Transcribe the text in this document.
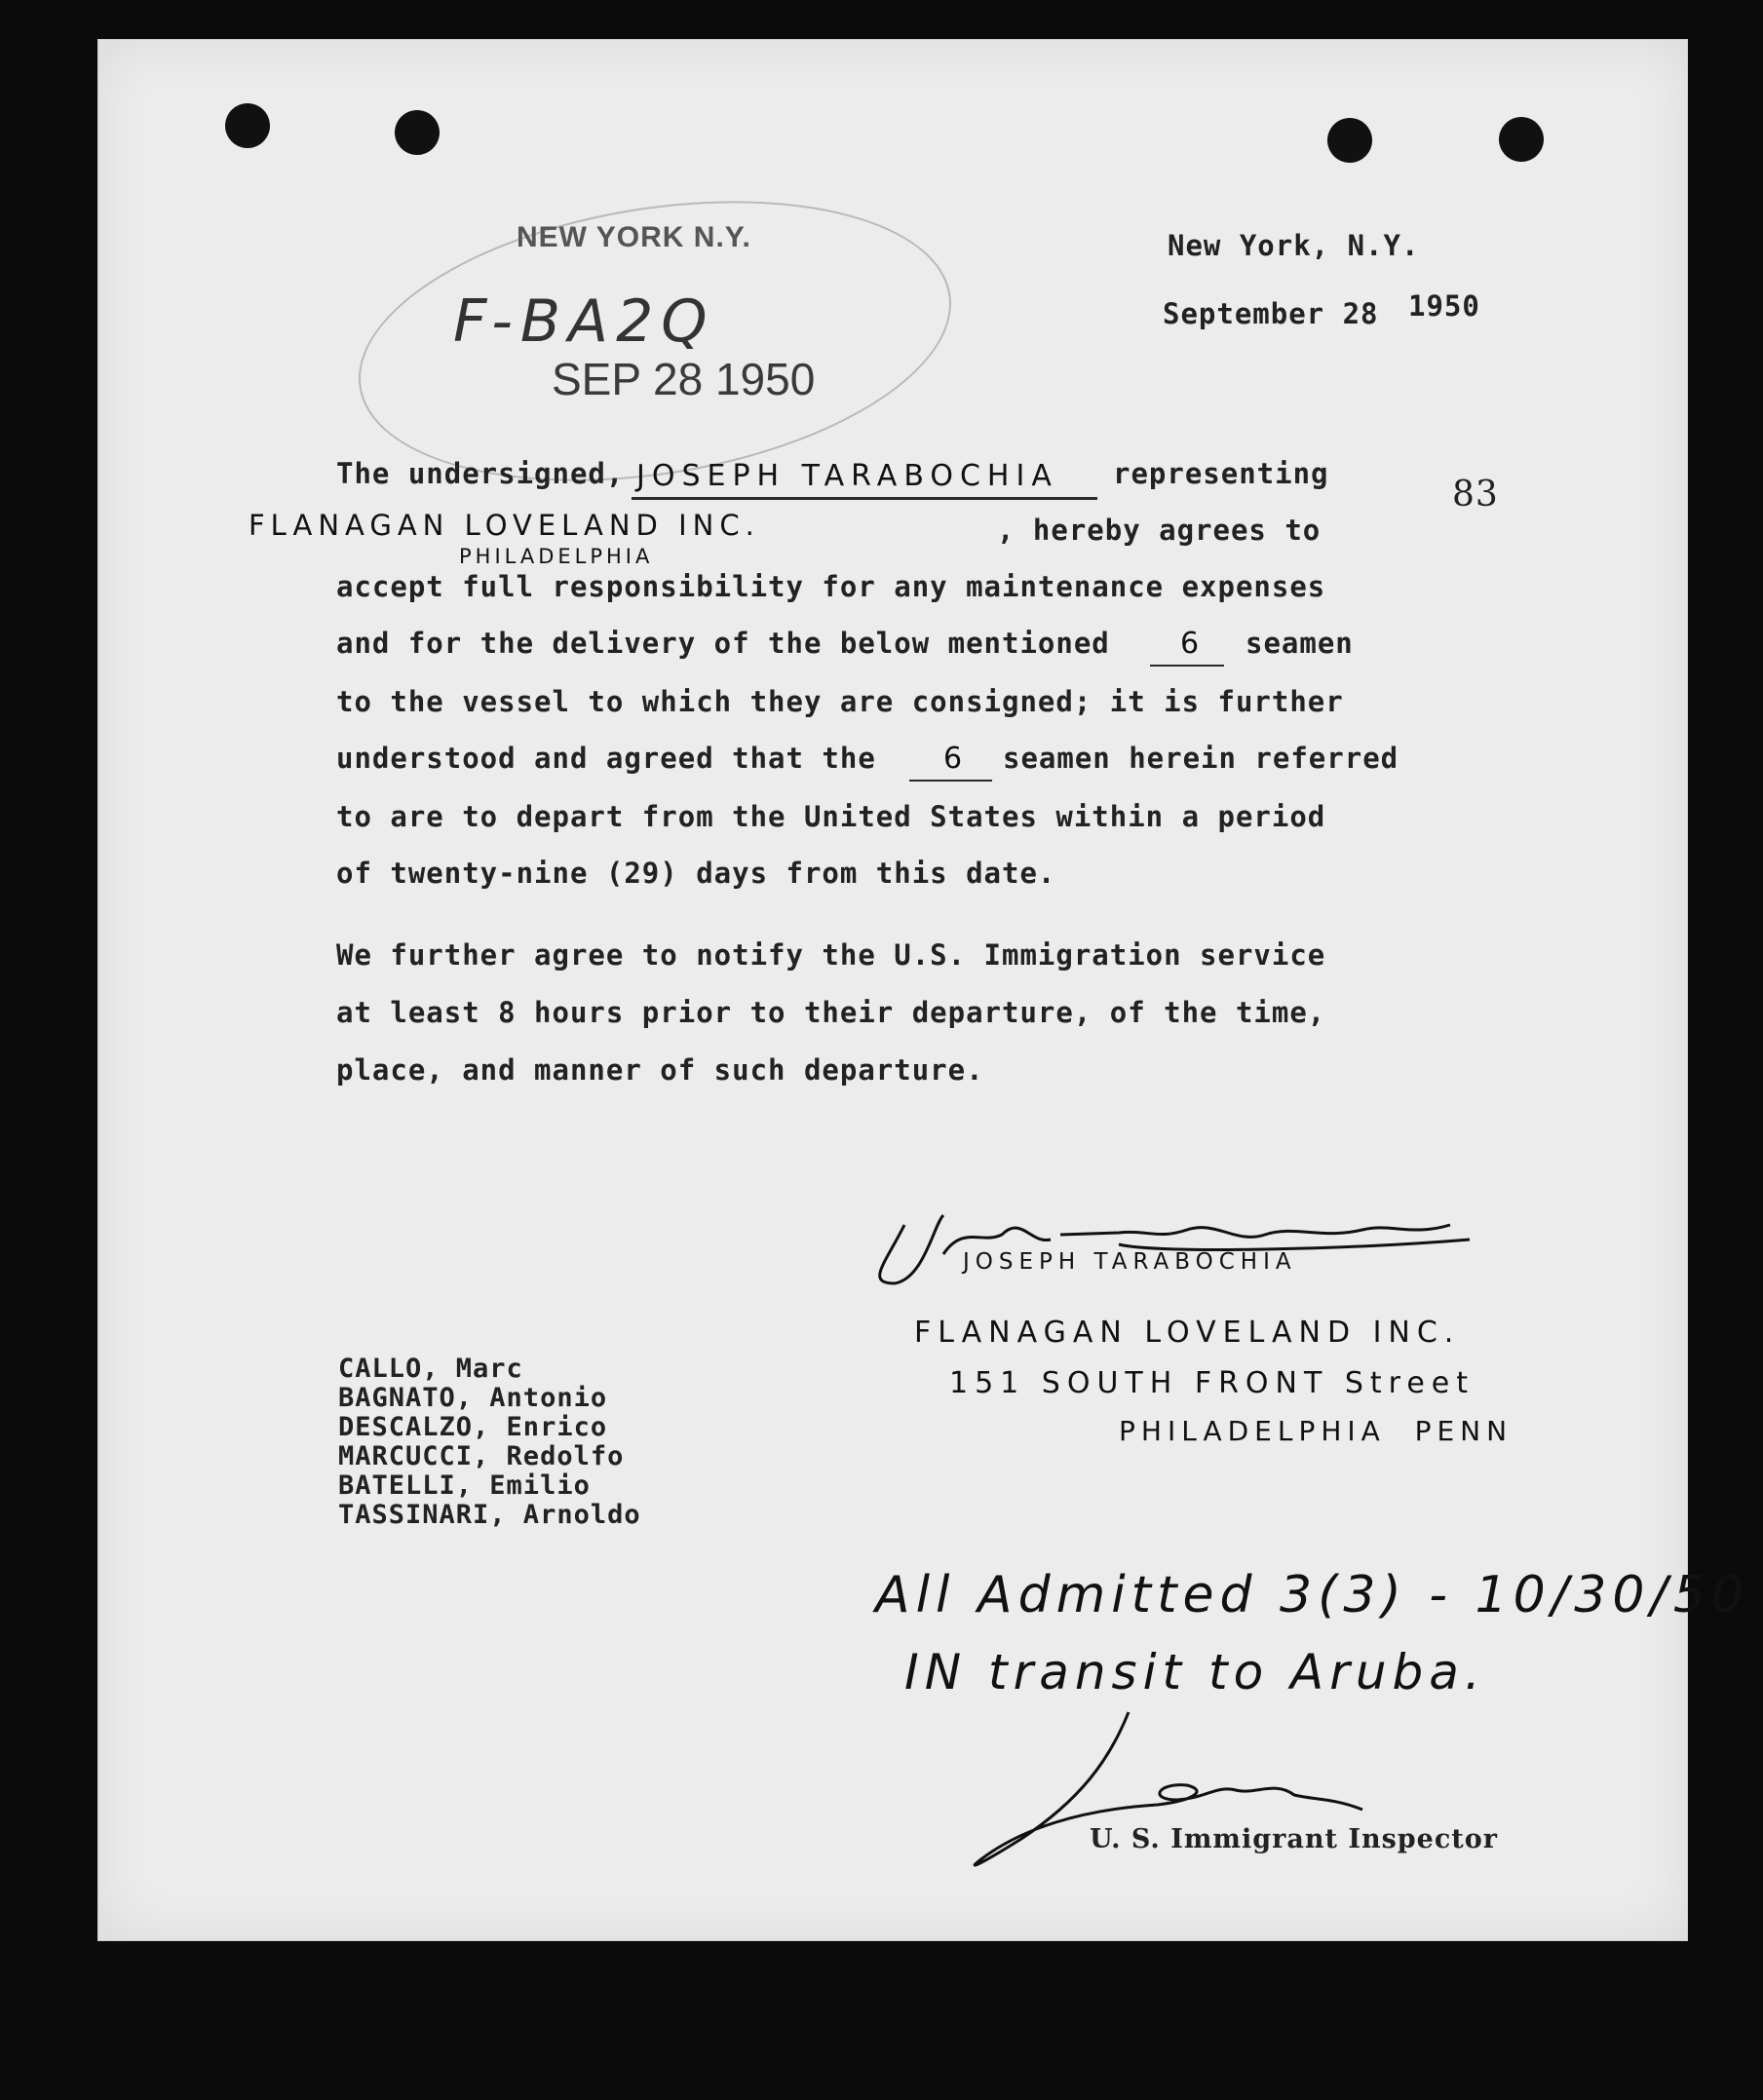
New York, N.Y.
September 28 1950
NEW YORK N.Y.
F-BA2Q
SEP 28 1950
83
The undersigned, JOSEPH TARABOCHIA representing
FLANAGAN LOVELAND INC.
PHILADELPHIA
, hereby agrees to
accept full responsibility for any maintenance expenses
and for the delivery of the below mentioned 6 seamen
to the vessel to which they are consigned; it is further
understood and agreed that the 6 seamen herein referred
to are to depart from the United States within a period
of twenty-nine (29) days from this date.
We further agree to notify the U.S. Immigration service
at least 8 hours prior to their departure, of the time,
place, and manner of such departure.
JOSEPH TARABOCHIA
FLANAGAN LOVELAND INC.
151 SOUTH FRONT Street
PHILADELPHIA  PENN
CALLO, Marc
BAGNATO, Antonio
DESCALZO, Enrico
MARCUCCI, Redolfo
BATELLI, Emilio
TASSINARI, Arnoldo
All Admitted 3(3) - 10/30/50
IN transit to Aruba.
U. S. Immigrant Inspector
